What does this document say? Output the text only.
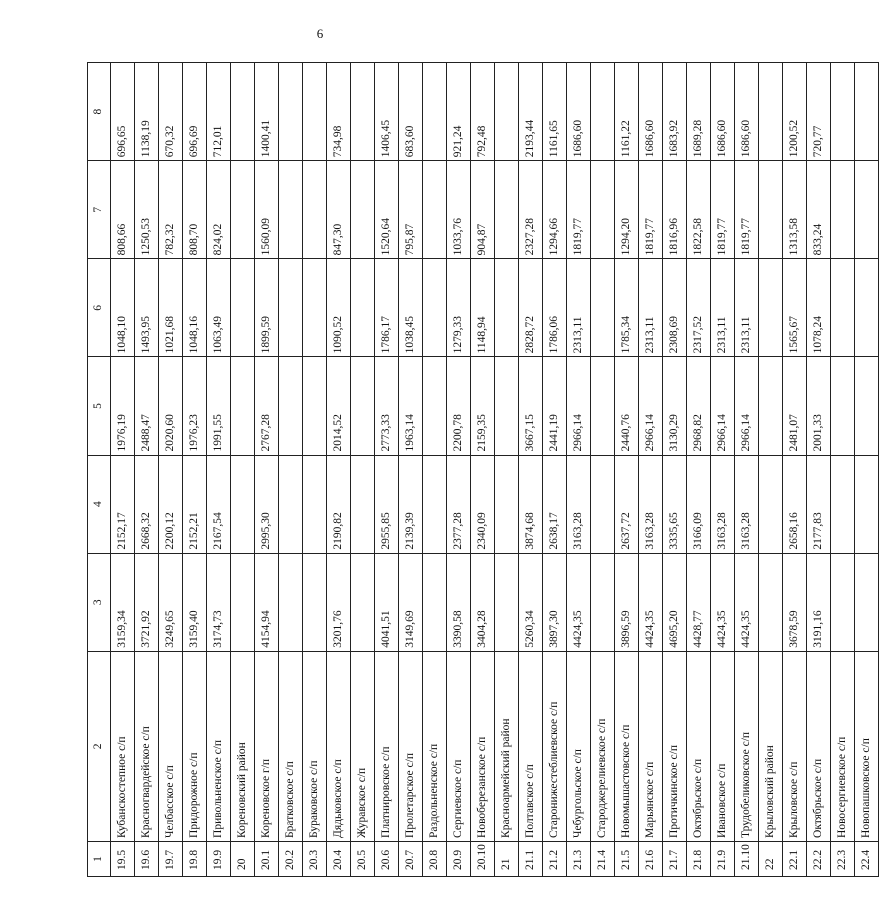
6
1	2	3	4	5	6	7	8
19.5	Кубанскостепное с/п	3159,34	2152,17	1976,19	1048,10	808,66	696,65
19.6	Красногвардейское с/п	3721,92	2668,32	2488,47	1493,95	1250,53	1138,19
19.7	Челбасское с/п	3249,65	2200,12	2020,60	1021,68	782,32	670,32
19.8	Придорожное с/п	3159,40	2152,21	1976,23	1048,16	808,70	696,69
19.9	Привольненское с/п	3174,73	2167,54	1991,55	1063,49	824,02	712,01
20	Кореновский район						
20.1	Кореновское г/п	4154,94	2995,30	2767,28	1899,59	1560,09	1400,41
20.2	Братковское с/п						
20.3	Бураковское с/п						
20.4	Дядьковское с/п	3201,76	2190,82	2014,52	1090,52	847,30	734,98
20.5	Журавское с/п						
20.6	Платнировское с/п	4041,51	2955,85	2773,33	1786,17	1520,64	1406,45
20.7	Пролетарское с/п	3149,69	2139,39	1963,14	1038,45	795,87	683,60
20.8	Раздольненское с/п						
20.9	Сергиевское с/п	3390,58	2377,28	2200,78	1279,33	1033,76	921,24
20.10	Новоберезанское с/п	3404,28	2340,09	2159,35	1148,94	904,87	792,48
21	Красноармейский район						
21.1	Полтавское с/п	5260,34	3874,68	3667,15	2828,72	2327,28	2193,44
21.2	Старонижестеблиевское с/п	3897,30	2638,17	2441,19	1786,06	1294,66	1161,65
21.3	Чебургольское с/п	4424,35	3163,28	2966,14	2313,11	1819,77	1686,60
21.4	Староджерелиевское с/п						
21.5	Новомышастовское с/п	3896,59	2637,72	2440,76	1785,34	1294,20	1161,22
21.6	Марьянское с/п	4424,35	3163,28	2966,14	2313,11	1819,77	1686,60
21.7	Протичкинское с/п	4695,20	3335,65	3130,29	2308,69	1816,96	1683,92
21.8	Октябрьское с/п	4428,77	3166,09	2968,82	2317,52	1822,58	1689,28
21.9	Ивановское с/п	4424,35	3163,28	2966,14	2313,11	1819,77	1686,60
21.10	Трудобеликовское с/п	4424,35	3163,28	2966,14	2313,11	1819,77	1686,60
22	Крыловский район						
22.1	Крыловское с/п	3678,59	2658,16	2481,07	1565,67	1313,58	1200,52
22.2	Октябрьское с/п	3191,16	2177,83	2001,33	1078,24	833,24	720,77
22.3	Новосергиевское с/п						
22.4	Новопашковское с/п						
